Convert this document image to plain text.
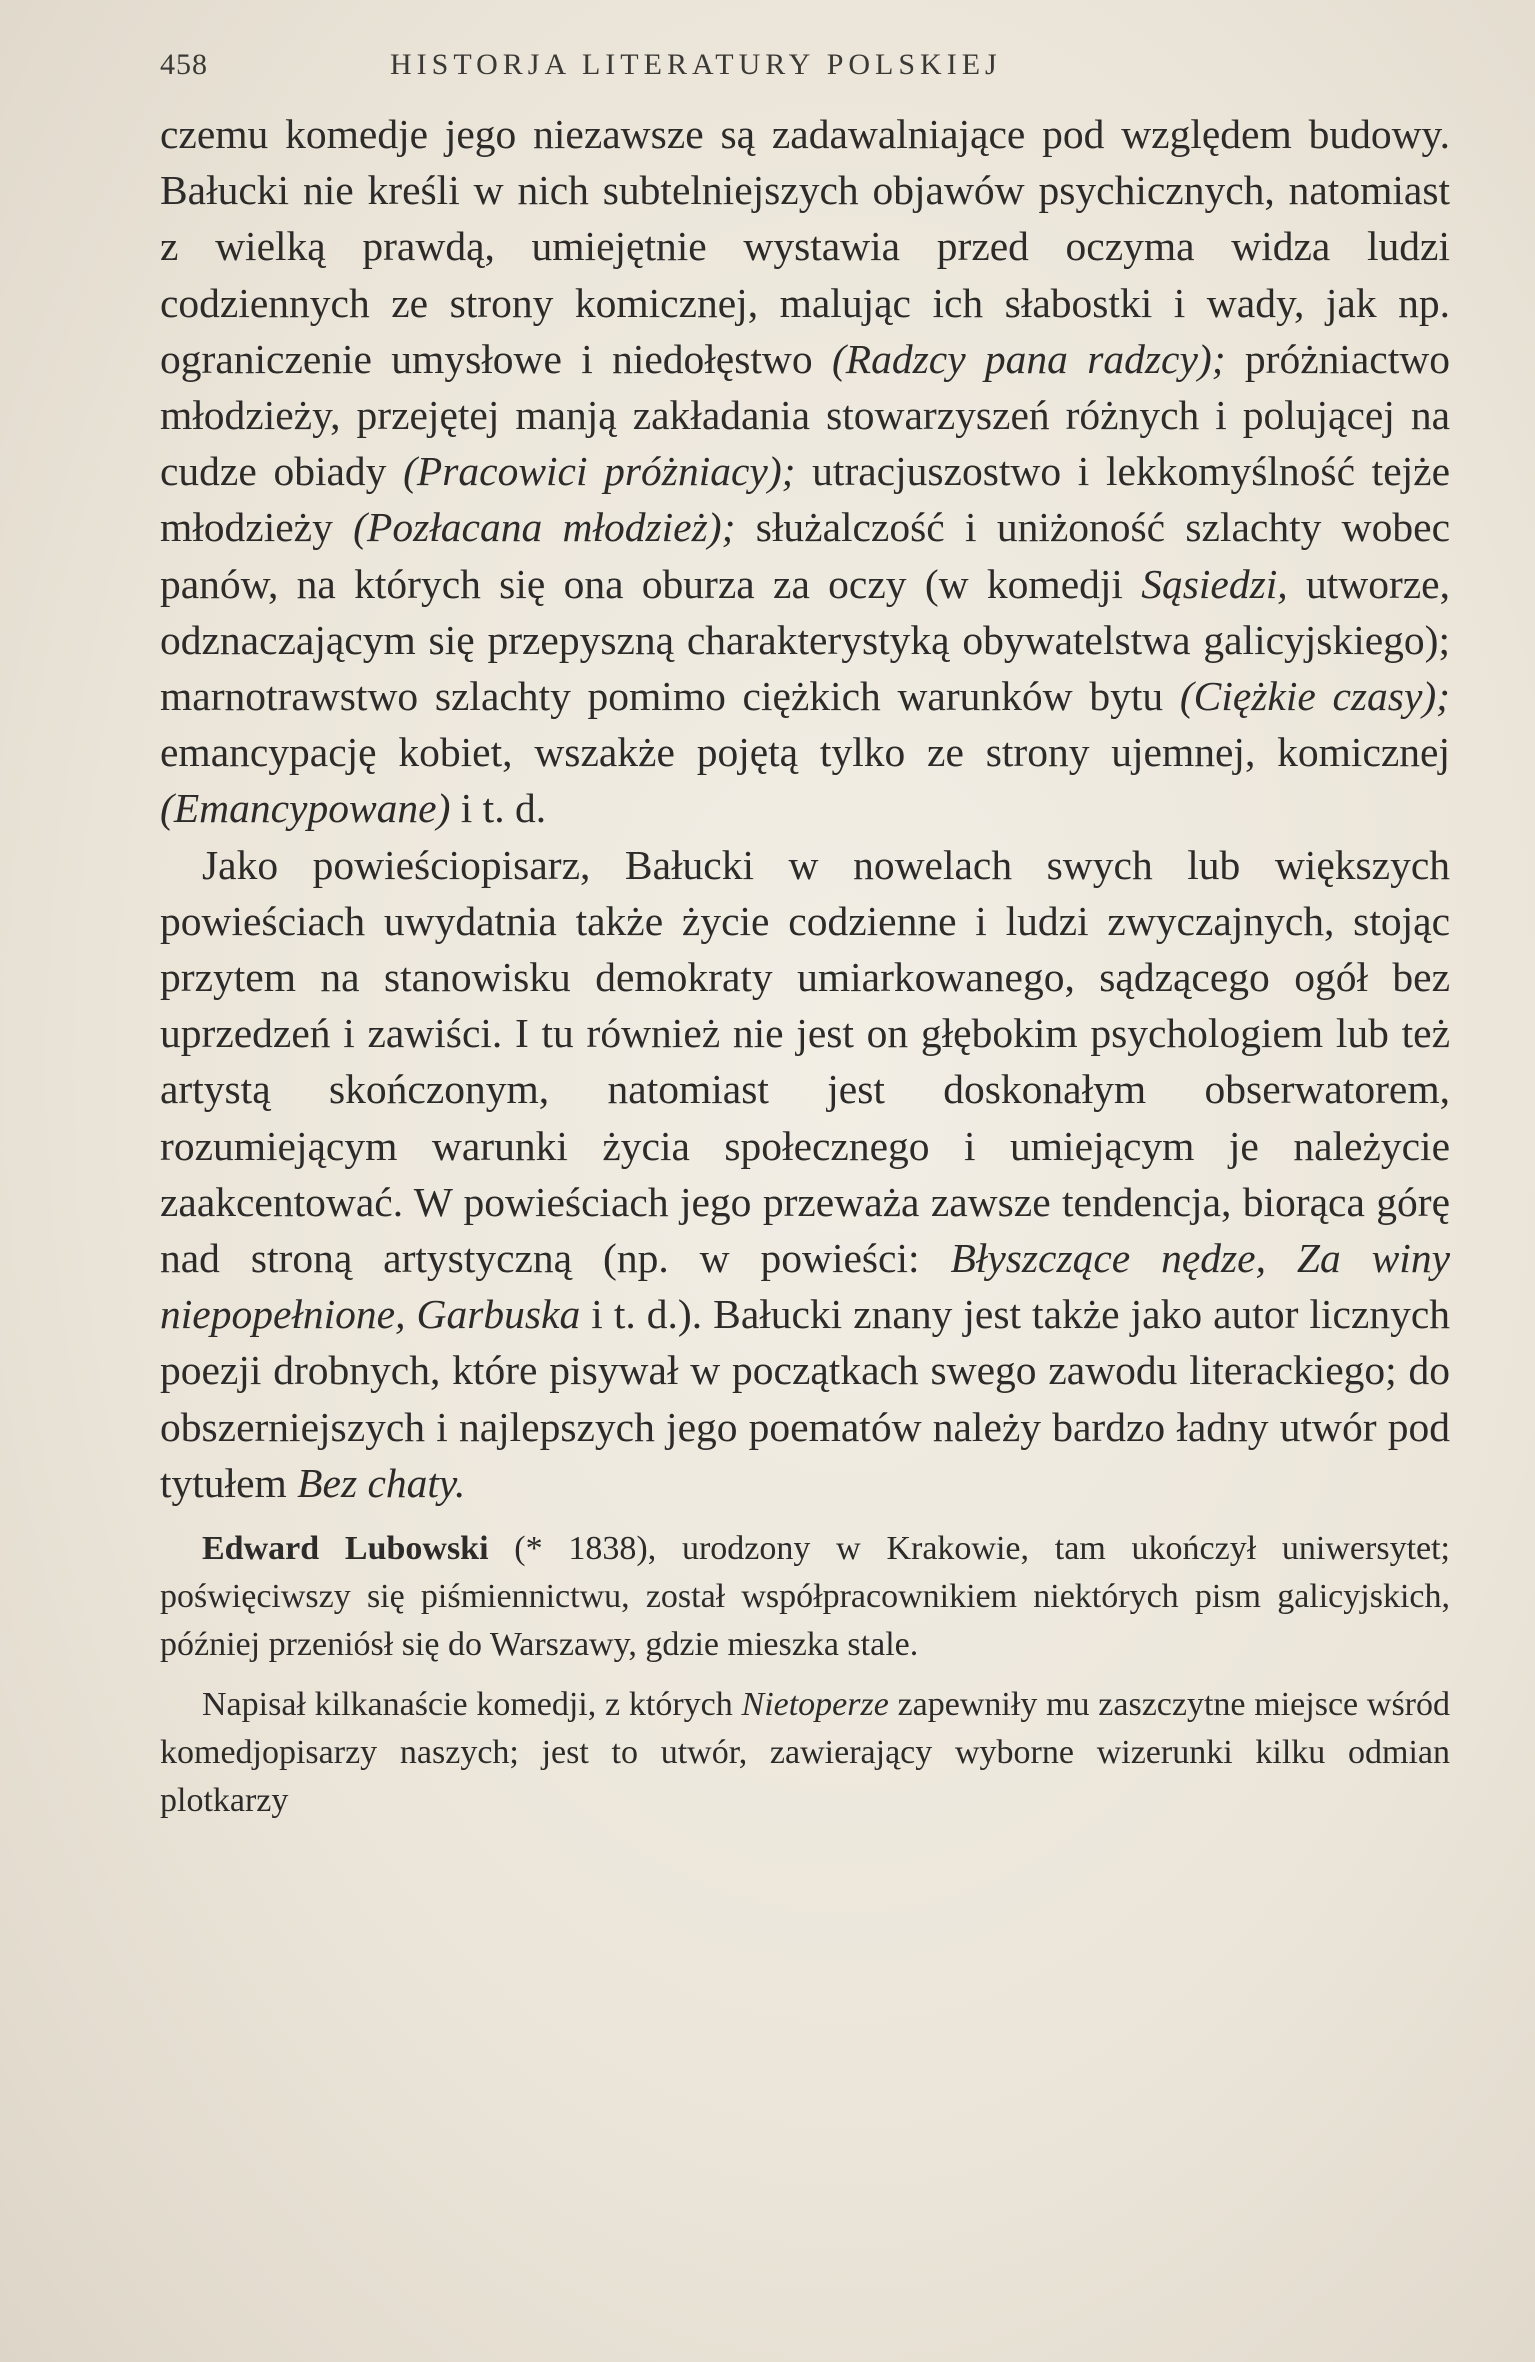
458	HISTORJA LITERATURY POLSKIEJ

czemu komedje jego niezawsze są zadawalniające pod względem budowy. Bałucki nie kreśli w nich subtelniejszych objawów psychicznych, natomiast z wielką prawdą, umiejętnie wystawia przed oczyma widza ludzi codziennych ze strony komicznej, malując ich słabostki i wady, jak np. ograniczenie umysłowe i niedołęstwo (Radzcy pana radzcy); próżniactwo młodzieży, przejętej manją zakładania stowarzyszeń różnych i polującej na cudze obiady (Pracowici próżniacy); utracjuszostwo i lekkomyślność tejże młodzieży (Pozłacana młodzież); służalczość i uniżoność szlachty wobec panów, na których się ona oburza za oczy (w komedji Sąsiedzi, utworze, odznaczającym się przepyszną charakterystyką obywatelstwa galicyjskiego); marnotrawstwo szlachty pomimo ciężkich warunków bytu (Ciężkie czasy); emancypację kobiet, wszakże pojętą tylko ze strony ujemnej, komicznej (Emancypowane) i t. d.

Jako powieściopisarz, Bałucki w nowelach swych lub większych powieściach uwydatnia także życie codzienne i ludzi zwyczajnych, stojąc przytem na stanowisku demokraty umiarkowanego, sądzącego ogół bez uprzedzeń i zawiści. I tu również nie jest on głębokim psychologiem lub też artystą skończonym, natomiast jest doskonałym obserwatorem, rozumiejącym warunki życia społecznego i umiejącym je należycie zaakcentować. W powieściach jego przeważa zawsze tendencja, biorąca górę nad stroną artystyczną (np. w powieści: Błyszczące nędze, Za winy niepopełnione, Garbuska i t. d.). Bałucki znany jest także jako autor licznych poezji drobnych, które pisywał w początkach swego zawodu literackiego; do obszerniejszych i najlepszych jego poematów należy bardzo ładny utwór pod tytułem Bez chaty.

Edward Lubowski (* 1838), urodzony w Krakowie, tam ukończył uniwersytet; poświęciwszy się piśmiennictwu, został współpracownikiem niektórych pism galicyjskich, później przeniósł się do Warszawy, gdzie mieszka stale.

Napisał kilkanaście komedji, z których Nietoperze zapewniły mu zaszczytne miejsce wśród komedjopisarzy naszych; jest to utwór, zawierający wyborne wizerunki kilku odmian plotkarzy
